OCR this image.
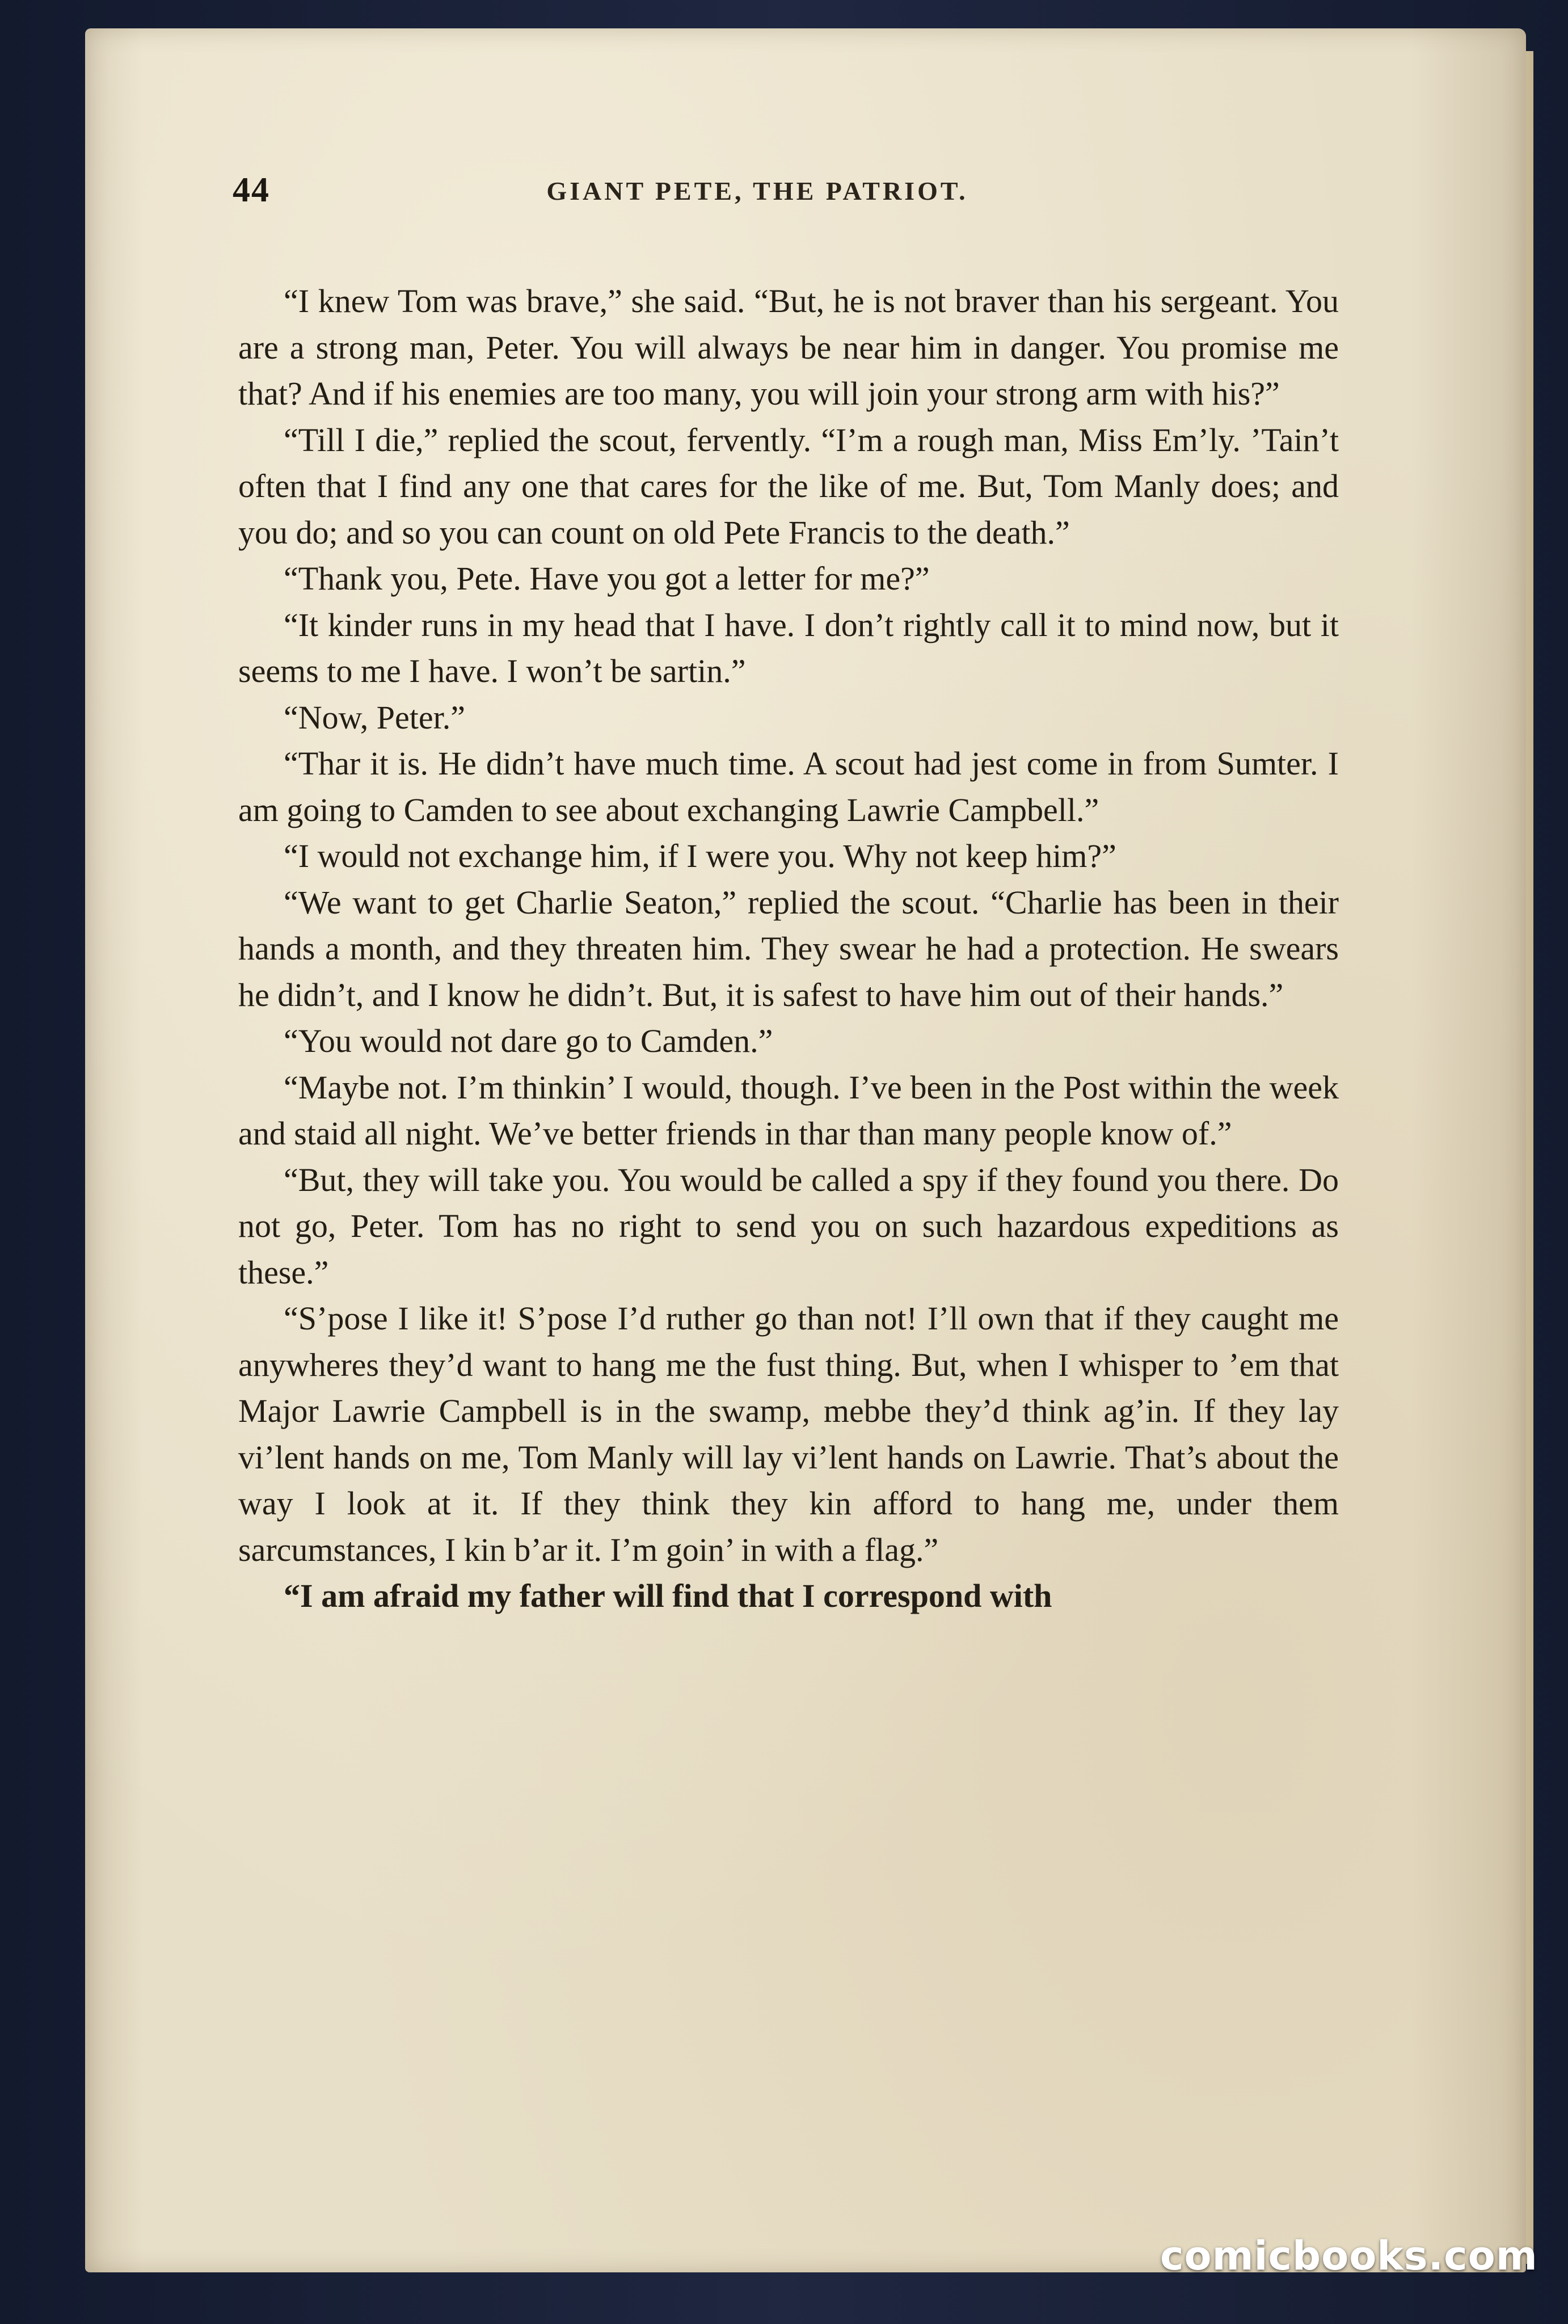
44	GIANT PETE, THE PATRIOT.

“I knew Tom was brave,” she said. “But, he is not braver than his sergeant. You are a strong man, Peter. You will always be near him in danger. You promise me that? And if his enemies are too many, you will join your strong arm with his?”

“Till I die,” replied the scout, fervently. “I’m a rough man, Miss Em’ly. ’Tain’t often that I find any one that cares for the like of me. But, Tom Manly does; and you do; and so you can count on old Pete Francis to the death.”

“Thank you, Pete. Have you got a letter for me?”

“It kinder runs in my head that I have. I don’t rightly call it to mind now, but it seems to me I have. I won’t be sartin.”

“Now, Peter.”

“Thar it is. He didn’t have much time. A scout had jest come in from Sumter. I am going to Camden to see about exchanging Lawrie Campbell.”

“I would not exchange him, if I were you. Why not keep him?”

“We want to get Charlie Seaton,” replied the scout. “Charlie has been in their hands a month, and they threaten him. They swear he had a protection. He swears he didn’t, and I know he didn’t. But, it is safest to have him out of their hands.”

“You would not dare go to Camden.”

“Maybe not. I’m thinkin’ I would, though. I’ve been in the Post within the week and staid all night. We’ve better friends in thar than many people know of.”

“But, they will take you. You would be called a spy if they found you there. Do not go, Peter. Tom has no right to send you on such hazardous expeditions as these.”

“S’pose I like it! S’pose I’d ruther go than not! I’ll own that if they caught me anywheres they’d want to hang me the fust thing. But, when I whisper to ’em that Major Lawrie Campbell is in the swamp, mebbe they’d think ag’in. If they lay vi’lent hands on me, Tom Manly will lay vi’lent hands on Lawrie. That’s about the way I look at it. If they think they kin afford to hang me, under them sarcumstances, I kin b’ar it. I’m goin’ in with a flag.”

“I am afraid my father will find that I correspond with

comicbooks.com
